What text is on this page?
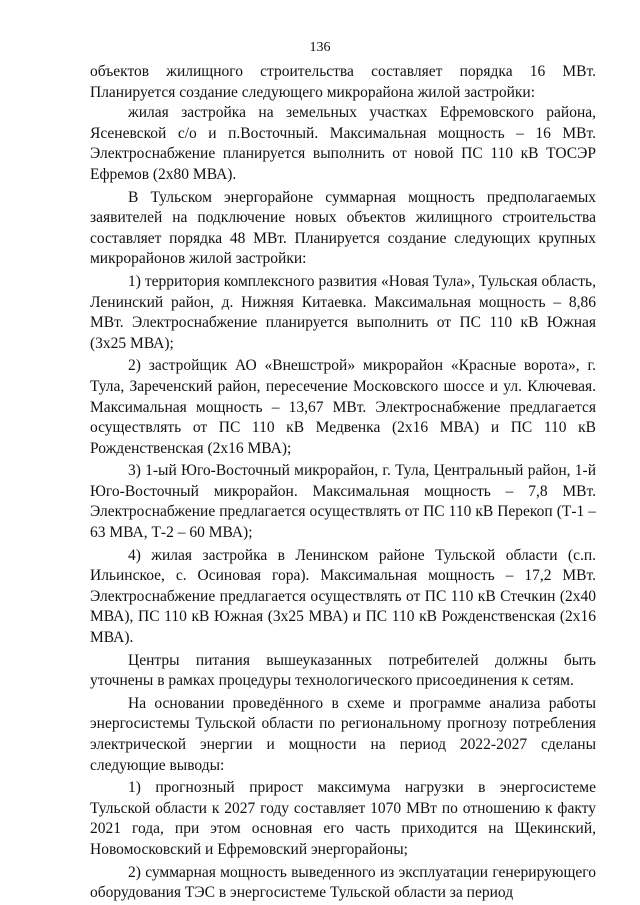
136

объектов жилищного строительства составляет порядка 16 МВт. Планируется создание следующего микрорайона жилой застройки:

жилая застройка на земельных участках Ефремовского района, Ясеневской с/о и п.Восточный. Максимальная мощность – 16 МВт. Электроснабжение планируется выполнить от новой ПС 110 кВ ТОСЭР Ефремов (2х80 МВА).

В Тульском энергорайоне суммарная мощность предполагаемых заявителей на подключение новых объектов жилищного строительства составляет порядка 48 МВт. Планируется создание следующих крупных микрорайонов жилой застройки:

1) территория комплексного развития «Новая Тула», Тульская область, Ленинский район, д. Нижняя Китаевка. Максимальная мощность – 8,86 МВт. Электроснабжение планируется выполнить от ПС 110 кВ Южная (3х25 МВА);

2) застройщик АО «Внешстрой» микрорайон «Красные ворота», г. Тула, Зареченский район, пересечение Московского шоссе и ул. Ключевая. Максимальная мощность – 13,67 МВт. Электроснабжение предлагается осуществлять от ПС 110 кВ Медвенка (2х16 МВА) и ПС 110 кВ Рожденственская (2х16 МВА);

3) 1-ый Юго-Восточный микрорайон, г. Тула, Центральный район, 1-й Юго-Восточный микрорайон. Максимальная мощность – 7,8 МВт. Электроснабжение предлагается осуществлять от ПС 110 кВ Перекоп (Т-1 – 63 МВА, Т-2 – 60 МВА);

4) жилая застройка в Ленинском районе Тульской области (с.п. Ильинское, с. Осиновая гора). Максимальная мощность – 17,2 МВт. Электроснабжение предлагается осуществлять от ПС 110 кВ Стечкин (2х40 МВА), ПС 110 кВ Южная (3х25 МВА) и ПС 110 кВ Рожденственская (2х16 МВА).

Центры питания вышеуказанных потребителей должны быть уточнены в рамках процедуры технологического присоединения к сетям.

На основании проведённого в схеме и программе анализа работы энергосистемы Тульской области по региональному прогнозу потребления электрической энергии и мощности на период 2022-2027 сделаны следующие выводы:

1) прогнозный прирост максимума нагрузки в энергосистеме Тульской области к 2027 году составляет 1070 МВт по отношению к факту 2021 года, при этом основная его часть приходится на Щекинский, Новомосковский и Ефремовский энергорайоны;

2) суммарная мощность выведенного из эксплуатации генерирующего оборудования ТЭС в энергосистеме Тульской области за период
